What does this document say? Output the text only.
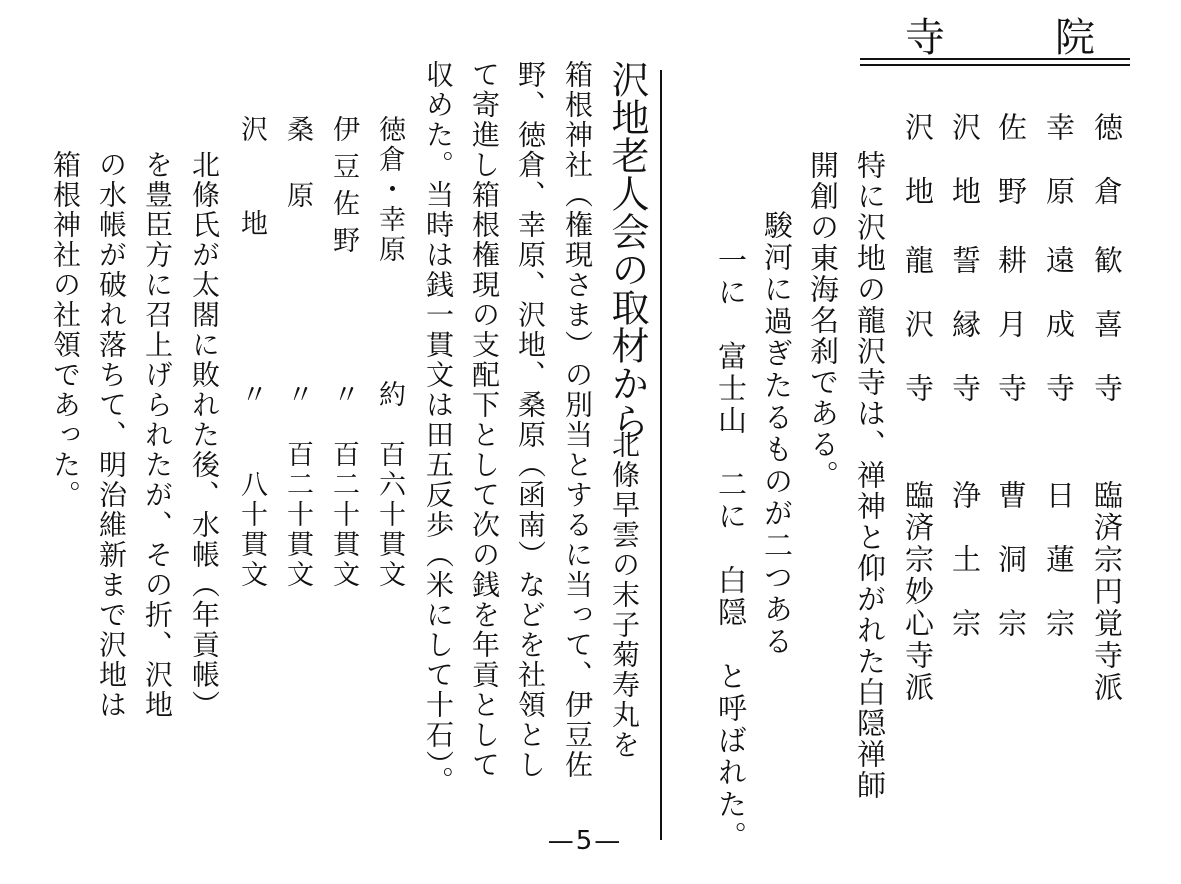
寺	院
徳　倉
歓　喜　寺
臨済宗円覚寺派
幸　原
遠　成　寺
日　蓮　宗
佐　野
耕　月　寺
曹　洞　宗
沢　地
誓　縁　寺
浄　土　宗
沢　地
龍　沢　寺
臨済宗妙心寺派
特に沢地の龍沢寺は、禅神と仰がれた白隠禅師
開創の東海名刹である。
駿河に過ぎたるものが二つある
一に　富士山　二に　白隠　と呼ばれた。
沢地老人会の取材から
北條早雲の末子菊寿丸を
箱根神社（権現さま）の別当とするに当って、伊豆佐
野、徳倉、幸原、沢地、桑原（函南）などを社領とし
て寄進し箱根権現の支配下として次の銭を年貢として
収めた。当時は銭一貫文は田五反歩（米にして十石）。
徳倉・幸原
約
百六十貫文
伊豆佐野
〃
百二十貫文
桑　原
〃
百二十貫文
沢　地
〃
八十貫文
北條氏が太閤に敗れた後、水帳（年貢帳）
を豊臣方に召上げられたが、その折、沢地
の水帳が破れ落ちて、明治維新まで沢地は
箱根神社の社領であった。
—5—
